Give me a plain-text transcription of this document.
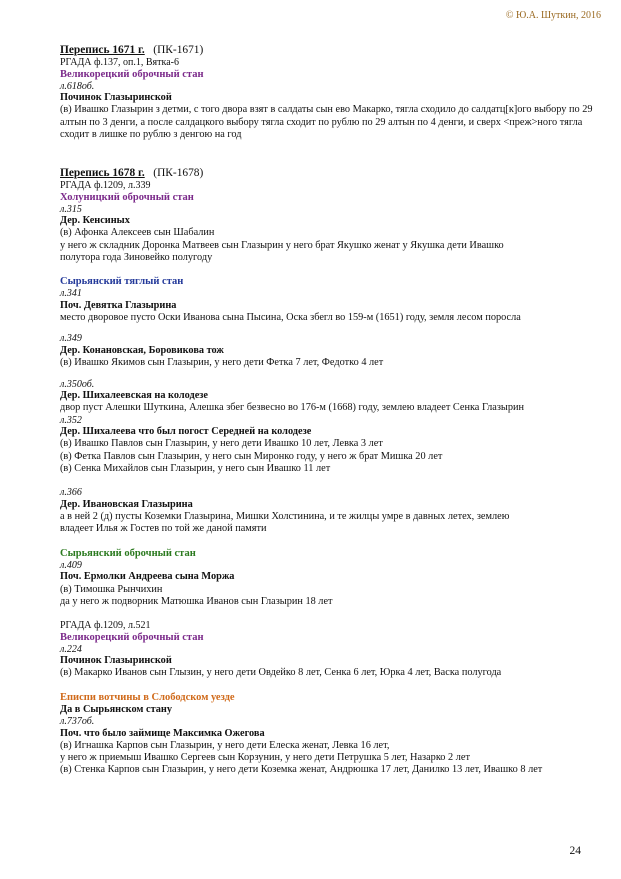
© Ю.А. Шуткин, 2016
Перепись 1671 г. (ПК-1671)
РГАДА ф.137, оп.1, Вятка-6
Великорецкий оброчный стан
л.618об.
Починок Глазыринской
(в) Ивашко Глазырин з детми, с того двора взят в салдаты сын ево Макарко, тягла сходило до салдатц[к]ого выбору по 29 алтын по 3 денги, а после салдацкого выбору тягла сходит по рублю по 29 алтын по 4 денги, и сверх <преж>ного тягла сходит в лишке по рублю з денгою на год
Перепись 1678 г. (ПК-1678)
РГАДА ф.1209, л.339
Холуницкий оброчный стан
л.315
Дер. Кенсиных
(в) Афонка Алексеев сын Шабалин
у него ж складник Доронка Матвеев сын Глазырин у него брат Якушко женат у Якушка дети Ивашко
полутора года Зиновейко полугоду
Сырьянский тяглый стан
л.341
Поч. Девятка Глазырина
место дворовое пусто Оски Иванова сына Пысина, Оска збегл во 159-м (1651) году, земля лесом поросла
л.349
Дер. Конановская, Боровикова тож
(в) Ивашко Якимов сын Глазырин, у него дети Фетка 7 лет, Федотко 4 лет
л.350об.
Дер. Шихалеевская на колодезе
двор пуст Алешки Шуткина, Алешка збег безвесно во 176-м (1668) году, землею владеет Сенка Глазырин
л.352
Дер. Шихалеева что был погост Середней на колодезе
(в) Ивашко Павлов сын Глазырин, у него дети Ивашко 10 лет, Левка 3 лет
(в) Фетка Павлов сын Глазырин, у него сын Миронко году, у него ж брат Мишка 20 лет
(в) Сенка Михайлов сын Глазырин, у него сын Ивашко 11 лет
л.366
Дер. Ивановская Глазырина
а в ней 2 (д) пусты Коземки Глазырина, Мишки Холстинина, и те жилцы умре в давных летех, землею
владеет Илья ж Гостев по той же даной памяти
Сырьянский оброчный стан
л.409
Поч. Ермолки Андреева сына Моржа
(в) Тимошка Рынчихин
да у него ж подворник Матюшка Иванов сын Глазырин 18 лет
РГАДА ф.1209, л.521
Великорецкий оброчный стан
л.224
Починок Глазыринской
(в) Макарко Иванов сын Глызин, у него дети Овдейко 8 лет, Сенка 6 лет, Юрка 4 лет, Васка полугода
Еписпи вотчины в Слободском уезде
Да в Сырьянском стану
л.737об.
Поч. что было займище Максимка Ожегова
(в) Игнашка Карпов сын Глазырин, у него дети Елеска женат, Левка 16 лет,
у него ж приемыш Ивашко Сергеев сын Корзунин, у него дети Петрушка 5 лет, Назарко 2 лет
(в) Стенка Карпов сын Глазырин, у него дети Коземка женат, Андрюшка 17 лет, Данилко 13 лет, Ивашко 8 лет
24
